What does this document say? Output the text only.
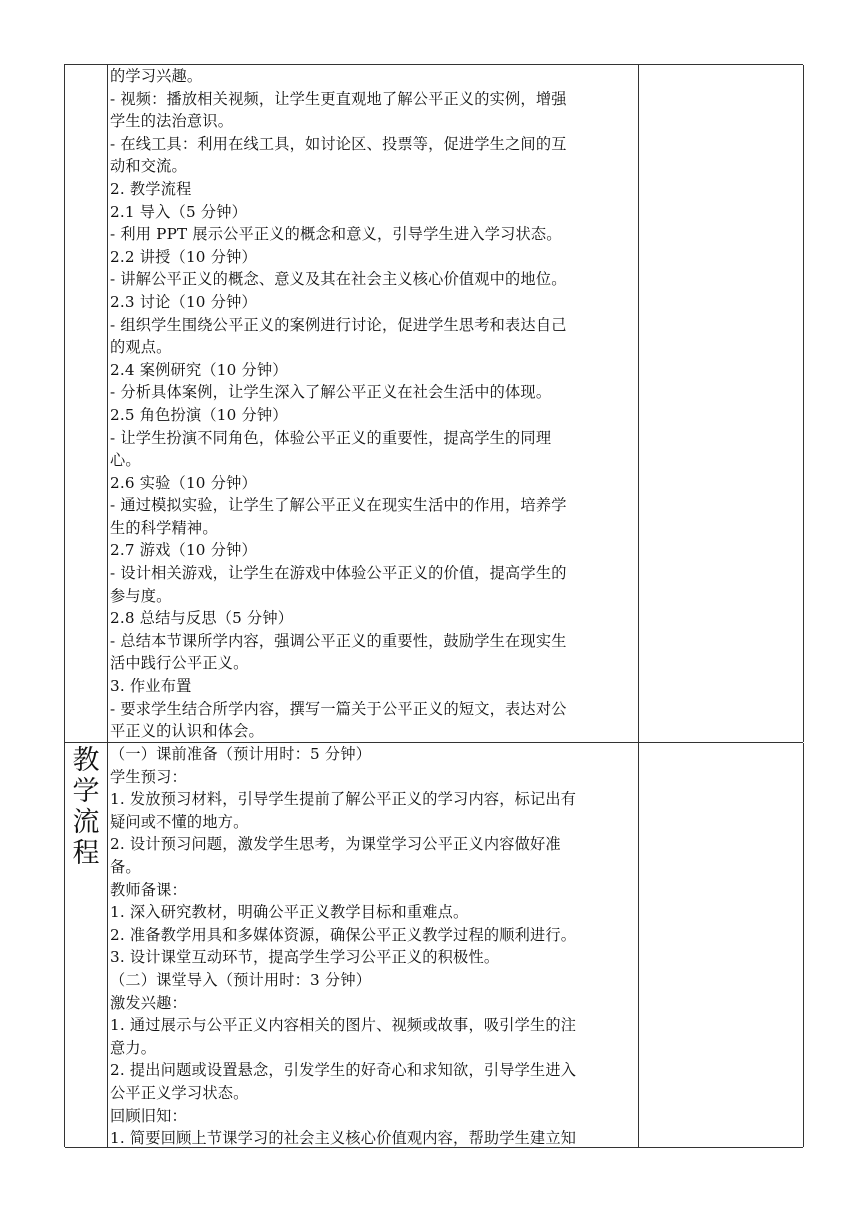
的学习兴趣。
- 视频：播放相关视频，让学生更直观地了解公平正义的实例，增强
学生的法治意识。
- 在线工具：利用在线工具，如讨论区、投票等，促进学生之间的互
动和交流。
2. 教学流程
2.1 导入（5 分钟）
- 利用 PPT 展示公平正义的概念和意义，引导学生进入学习状态。
2.2 讲授（10 分钟）
- 讲解公平正义的概念、意义及其在社会主义核心价值观中的地位。
2.3 讨论（10 分钟）
- 组织学生围绕公平正义的案例进行讨论，促进学生思考和表达自己
的观点。
2.4 案例研究（10 分钟）
- 分析具体案例，让学生深入了解公平正义在社会生活中的体现。
2.5 角色扮演（10 分钟）
- 让学生扮演不同角色，体验公平正义的重要性，提高学生的同理
心。
2.6 实验（10 分钟）
- 通过模拟实验，让学生了解公平正义在现实生活中的作用，培养学
生的科学精神。
2.7 游戏（10 分钟）
- 设计相关游戏，让学生在游戏中体验公平正义的价值，提高学生的
参与度。
2.8 总结与反思（5 分钟）
- 总结本节课所学内容，强调公平正义的重要性，鼓励学生在现实生
活中践行公平正义。
3. 作业布置
- 要求学生结合所学内容，撰写一篇关于公平正义的短文，表达对公
平正义的认识和体会。
教
学
流
程
（一）课前准备（预计用时：5 分钟）
学生预习：
1. 发放预习材料，引导学生提前了解公平正义的学习内容，标记出有
疑问或不懂的地方。
2. 设计预习问题，激发学生思考，为课堂学习公平正义内容做好准
备。
教师备课：
1. 深入研究教材，明确公平正义教学目标和重难点。
2. 准备教学用具和多媒体资源，确保公平正义教学过程的顺利进行。
3. 设计课堂互动环节，提高学生学习公平正义的积极性。
（二）课堂导入（预计用时：3 分钟）
激发兴趣：
1. 通过展示与公平正义内容相关的图片、视频或故事，吸引学生的注
意力。
2. 提出问题或设置悬念，引发学生的好奇心和求知欲，引导学生进入
公平正义学习状态。
回顾旧知：
1. 简要回顾上节课学习的社会主义核心价值观内容，帮助学生建立知
